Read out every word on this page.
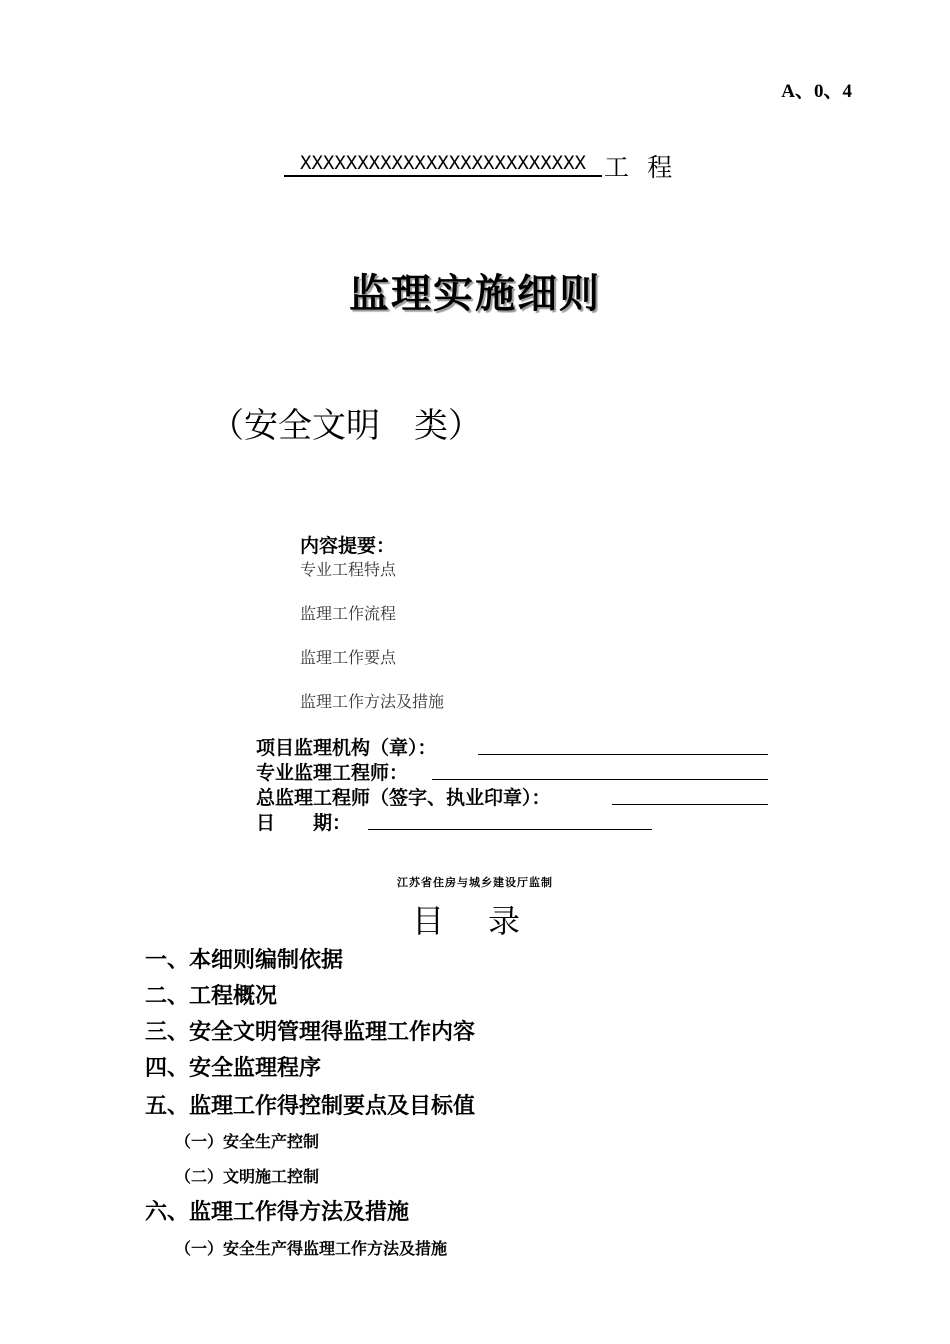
A、0、4
XXXXXXXXXXXXXXXXXXXXXXXXX 工 程
监理实施细则
（安全文明　类）
内容提要：
专业工程特点
监理工作流程
监理工作要点
监理工作方法及措施
项目监理机构（章）：
专业监理工程师：
总监理工程师（签字、执业印章）：
日　　期：
江苏省住房与城乡建设厅监制
目 录
一、本细则编制依据
二、工程概况
三、安全文明管理得监理工作内容
四、安全监理程序
五、监理工作得控制要点及目标值
（一）安全生产控制
（二）文明施工控制
六、监理工作得方法及措施
（一）安全生产得监理工作方法及措施
